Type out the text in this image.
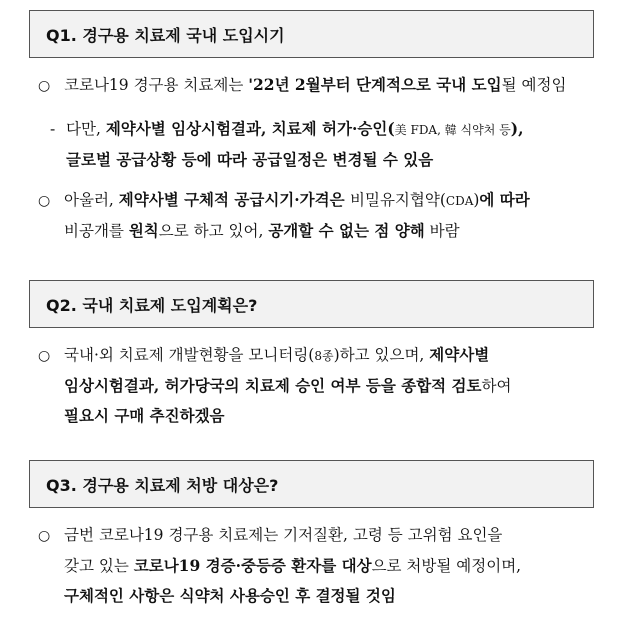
Q1. 경구용 치료제 국내 도입시기
○ 코로나19 경구용 치료제는 '22년 2월부터 단계적으로 국내 도입될 예정임
- 다만, 제약사별 임상시험결과, 치료제 허가·승인(美 FDA, 韓 식약처 등),
글로벌 공급상황 등에 따라 공급일정은 변경될 수 있음
○ 아울러, 제약사별 구체적 공급시기·가격은 비밀유지협약(CDA)에 따라
비공개를 원칙으로 하고 있어, 공개할 수 없는 점 양해 바람
Q2. 국내 치료제 도입계획은?
○ 국내·외 치료제 개발현황을 모니터링(8종)하고 있으며, 제약사별
임상시험결과, 허가당국의 치료제 승인 여부 등을 종합적 검토하여
필요시 구매 추진하겠음
Q3. 경구용 치료제 처방 대상은?
○ 금번 코로나19 경구용 치료제는 기저질환, 고령 등 고위험 요인을
갖고 있는 코로나19 경증·중등증 환자를 대상으로 처방될 예정이며,
구체적인 사항은 식약처 사용승인 후 결정될 것임
